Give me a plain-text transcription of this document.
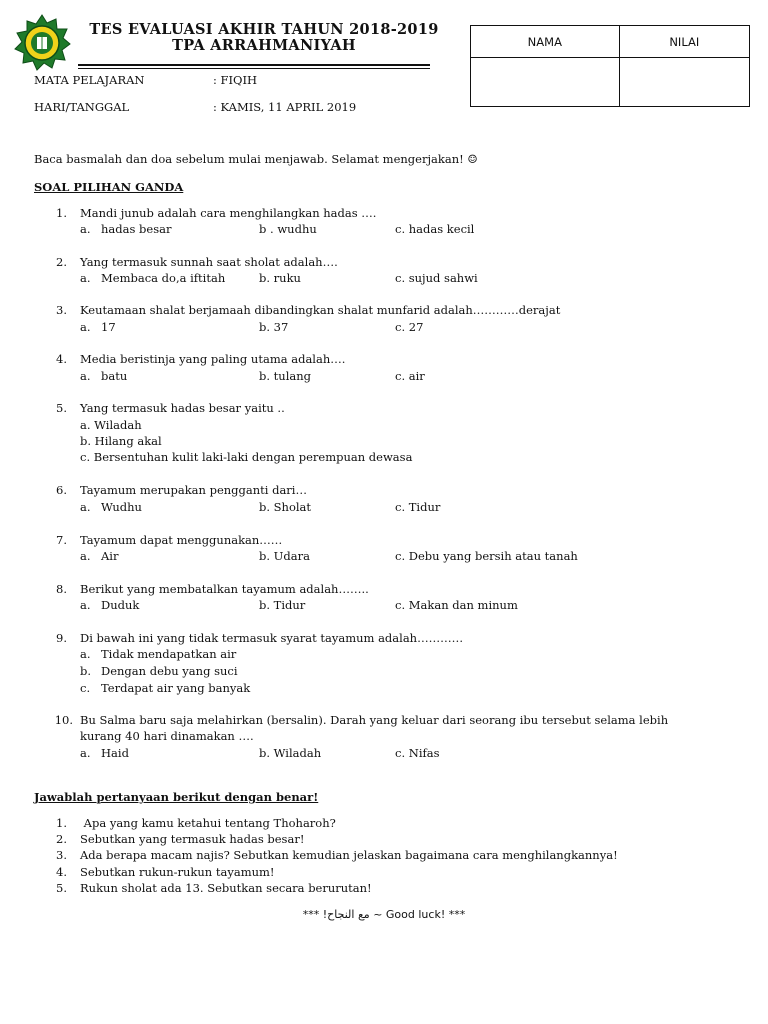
TES EVALUASI AKHIR TAHUN 2018-2019
TPA ARRAHMANIYAH	NAMA	NILAI

MATA PELAJARAN	: FIQIH
HARI/TANGGAL	: KAMIS, 11 APRIL 2019
Baca basmalah dan doa sebelum mulai menjawab. Selamat mengerjakan! ☺
SOAL PILIHAN GANDA
1. Mandi junub adalah cara menghilangkan hadas ….
a. hadas besar	b . wudhu	c. hadas kecil
2. Yang termasuk sunnah saat sholat adalah….
a. Membaca do,a iftitah	b. ruku	c. sujud sahwi
3. Keutamaan shalat berjamaah dibandingkan shalat munfarid adalah…………derajat
a. 17	b. 37	c. 27
4. Media beristinja yang paling utama adalah….
a. batu	b. tulang	c. air
5. Yang termasuk hadas besar yaitu ..
a. Wiladah
b. Hilang akal
c. Bersentuhan kulit laki-laki dengan perempuan dewasa
6. Tayamum merupakan pengganti dari…
a. Wudhu	b. Sholat	c. Tidur
7. Tayamum dapat menggunakan……
a. Air	b. Udara	c. Debu yang bersih atau tanah
8. Berikut yang membatalkan tayamum adalah……..
a. Duduk	b. Tidur	c. Makan dan minum
9. Di bawah ini yang tidak termasuk syarat tayamum adalah…………
a. Tidak mendapatkan air
b. Dengan debu yang suci
c. Terdapat air yang banyak
10. Bu Salma baru saja melahirkan (bersalin). Darah yang keluar dari seorang ibu tersebut selama lebih
kurang 40 hari dinamakan ….
a. Haid	b. Wiladah	c. Nifas
Jawablah pertanyaan berikut dengan benar!
1. Apa yang kamu ketahui tentang Thoharoh?
2. Sebutkan yang termasuk hadas besar!
3. Ada berapa macam najis? Sebutkan kemudian jelaskan bagaimana cara menghilangkannya!
4. Sebutkan rukun-rukun tayamum!
5. Rukun sholat ada 13. Sebutkan secara berurutan!
*** !مع النجاح ~ Good luck! ***
